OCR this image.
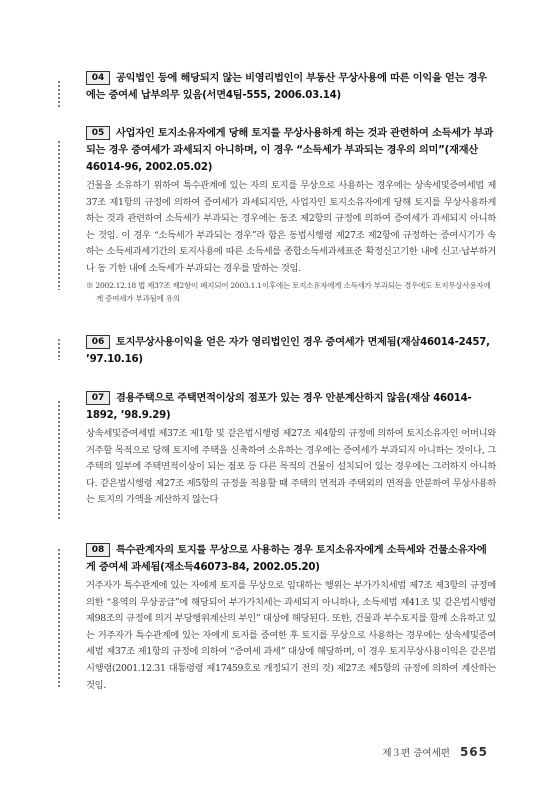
04 공익법인 등에 해당되지 않는 비영리법인이 부동산 무상사용에 따른 이익을 얻는 경우에는 증여세 납부의무 있음(서면4팀-555, 2006.03.14)

05 사업자인 토지소유자에게 당해 토지를 무상사용하게 하는 것과 관련하여 소득세가 부과되는 경우 증여세가 과세되지 아니하며, 이 경우 “소득세가 부과되는 경우의 의미”(재재산46014-96, 2002.05.02)

건물을 소유하기 위하여 특수관계에 있는 자의 토지를 무상으로 사용하는 경우에는 상속세및증여세법 제37조 제1항의 규정에 의하여 증여세가 과세되지만, 사업자인 토지소유자에게 당해 토지를 무상사용하게 하는 것과 관련하여 소득세가 부과되는 경우에는 동조 제2항의 규정에 의하여 증여세가 과세되지 아니하는 것임. 이 경우 “소득세가 부과되는 경우”라 함은 동법시행령 제27조 제2항에 규정하는 증여시기가 속하는 소득세과세기간의 토지사용에 따른 소득세를 종합소득세과세표준 확정신고기한 내에 신고·납부하거나 동 기한 내에 소득세가 부과되는 경우를 말하는 것임.

※ 2002.12.18 법 제37조 제2항이 폐지되어 2003.1.1이후에는 토지소유자에게 소득세가 부과되는 경우에도 토지무상사용자에게 증여세가 부과됨에 유의

06 토지무상사용이익을 얻은 자가 영리법인인 경우 증여세가 면제됨(재삼46014-2457, ’97.10.16)

07 겸용주택으로 주택면적이상의 점포가 있는 경우 안분계산하지 않음(재삼 46014-1892, ’98.9.29)

상속세및증여세법 제37조 제1항 및 같은법시행령 제27조 제4항의 규정에 의하여 토지소유자인 어머니와 거주할 목적으로 당해 토지에 주택을 신축하여 소유하는 경우에는 증여세가 부과되지 아니하는 것이나, 그 주택의 일부에 주택면적이상이 되는 점포 등 다른 목적의 건물이 설치되어 있는 경우에는 그러하지 아니하다. 같은법시행령 제27조 제5항의 규정을 적용할 때 주택의 면적과 주택외의 면적을 안분하여 무상사용하는 토지의 가액을 계산하지 않는다

08 특수관계자의 토지를 무상으로 사용하는 경우 토지소유자에게 소득세와 건물소유자에게 증여세 과세됨(재소득46073-84, 2002.05.20)

거주자가 특수관계에 있는 자에게 토지를 무상으로 임대하는 행위는 부가가치세법 제7조 제3항의 규정에 의한 “용역의 무상공급”에 해당되어 부가가치세는 과세되지 아니하나, 소득세법 제41조 및 같은법시행령 제98조의 규정에 의거 부당행위계산의 부인” 대상에 해당된다. 또한, 건물과 부수토지를 함께 소유하고 있는 거주자가 특수관계에 있는 자에게 토지를 증여한 후 토지를 무상으로 사용하는 경우에는 상속세및증여세법 제37조 제1항의 규정에 의하여 “증여세 과세” 대상에 해당하며, 이 경우 토지무상사용이익은 같은법시행령(2001.12.31 대통령령 제17459호로 개정되기 전의 것) 제27조 제5항의 규정에 의하여 계산하는 것임.

제３편 증여세편 565
